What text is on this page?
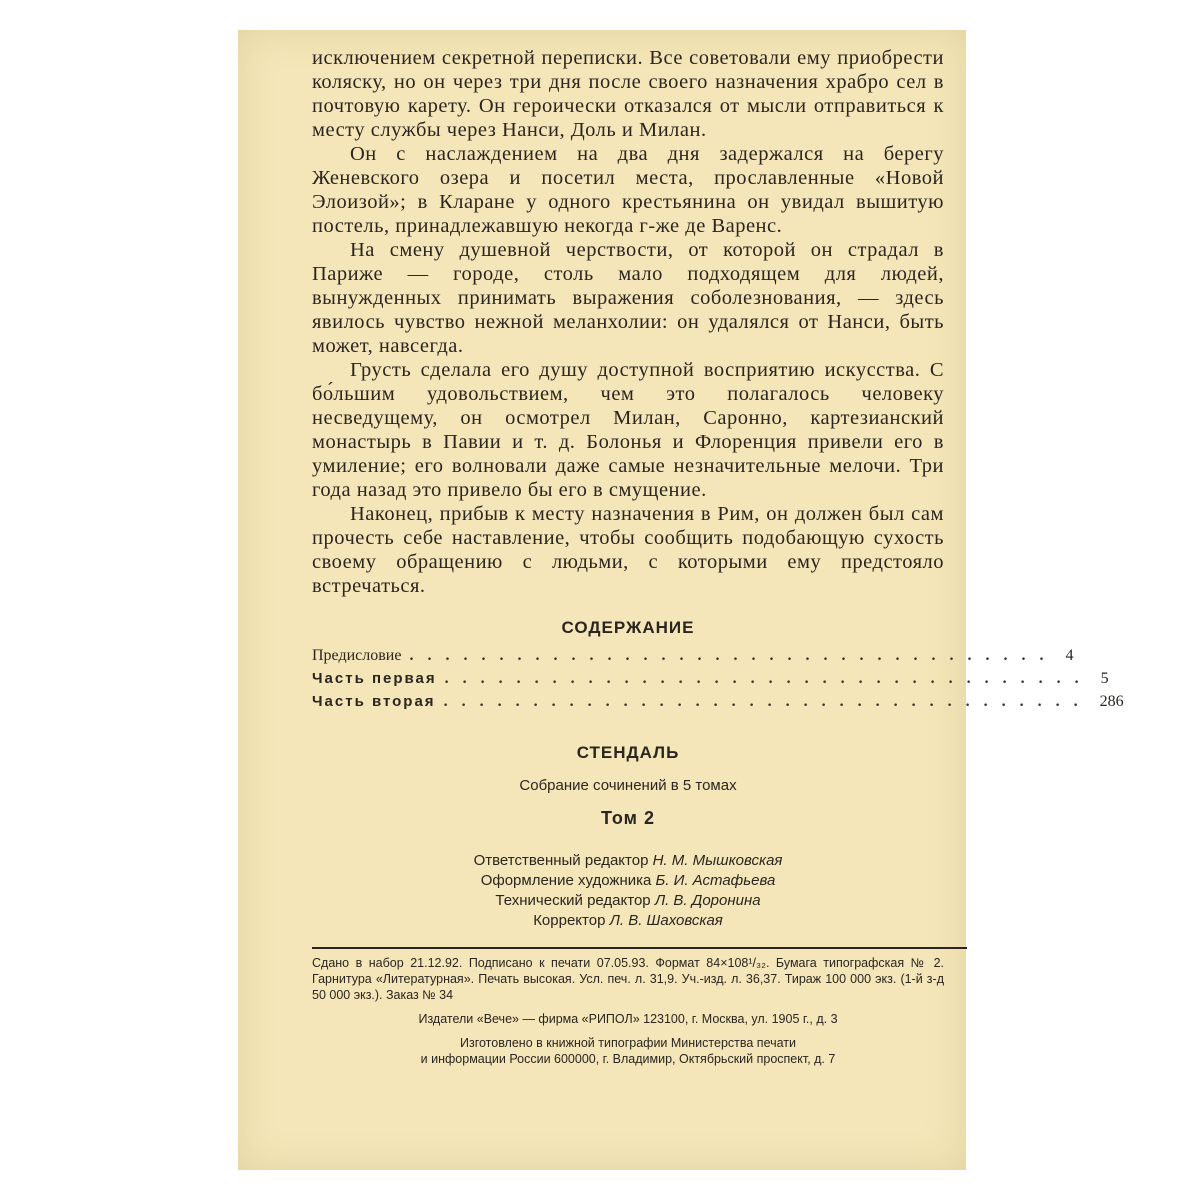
исключением секретной переписки. Все советовали ему приобрести коляску, но он через три дня после своего назначения храбро сел в почтовую карету. Он героически отказался от мысли отправиться к месту службы через Нанси, Доль и Милан.

Он с наслаждением на два дня задержался на берегу Женевского озера и посетил места, прославленные «Новой Элоизой»; в Кларане у одного крестьянина он увидал вышитую постель, принадлежавшую некогда г-же де Варенс.

На смену душевной черствости, от которой он страдал в Париже — городе, столь мало подходящем для людей, вынужденных принимать выражения соболезнования, — здесь явилось чувство нежной меланхолии: он удалялся от Нанси, быть может, навсегда.

Грусть сделала его душу доступной восприятию искусства. С бо́льшим удовольствием, чем это полагалось человеку несведущему, он осмотрел Милан, Саронно, картезианский монастырь в Павии и т. д. Болонья и Флоренция привели его в умиление; его волновали даже самые незначительные мелочи. Три года назад это привело бы его в смущение.

Наконец, прибыв к месту назначения в Рим, он должен был сам прочесть себе наставление, чтобы сообщить подобающую сухость своему обращению с людьми, с которыми ему предстояло встречаться.

СОДЕРЖАНИЕ
Предисловие .................................... 4
Часть первая .................................... 5
Часть вторая .................................... 286
СТЕНДАЛЬ
Собрание сочинений в 5 томах
Том 2
Ответственный редактор Н. М. Мышковская
Оформление художника Б. И. Астафьева
Технический редактор Л. В. Доронина
Корректор Л. В. Шаховская

Сдано в набор 21.12.92. Подписано к печати 07.05.93. Формат 84×108¹/₃₂. Бумага типографская № 2. Гарнитура «Литературная». Печать высокая. Усл. печ. л. 31,9. Уч.-изд. л. 36,37. Тираж 100 000 экз. (1-й з-д 50 000 экз.). Заказ № 34

Издатели «Вече» — фирма «РИПОЛ» 123100, г. Москва, ул. 1905 г., д. 3

Изготовлено в книжной типографии Министерства печати

и информации России 600000, г. Владимир, Октябрьский проспект, д. 7
